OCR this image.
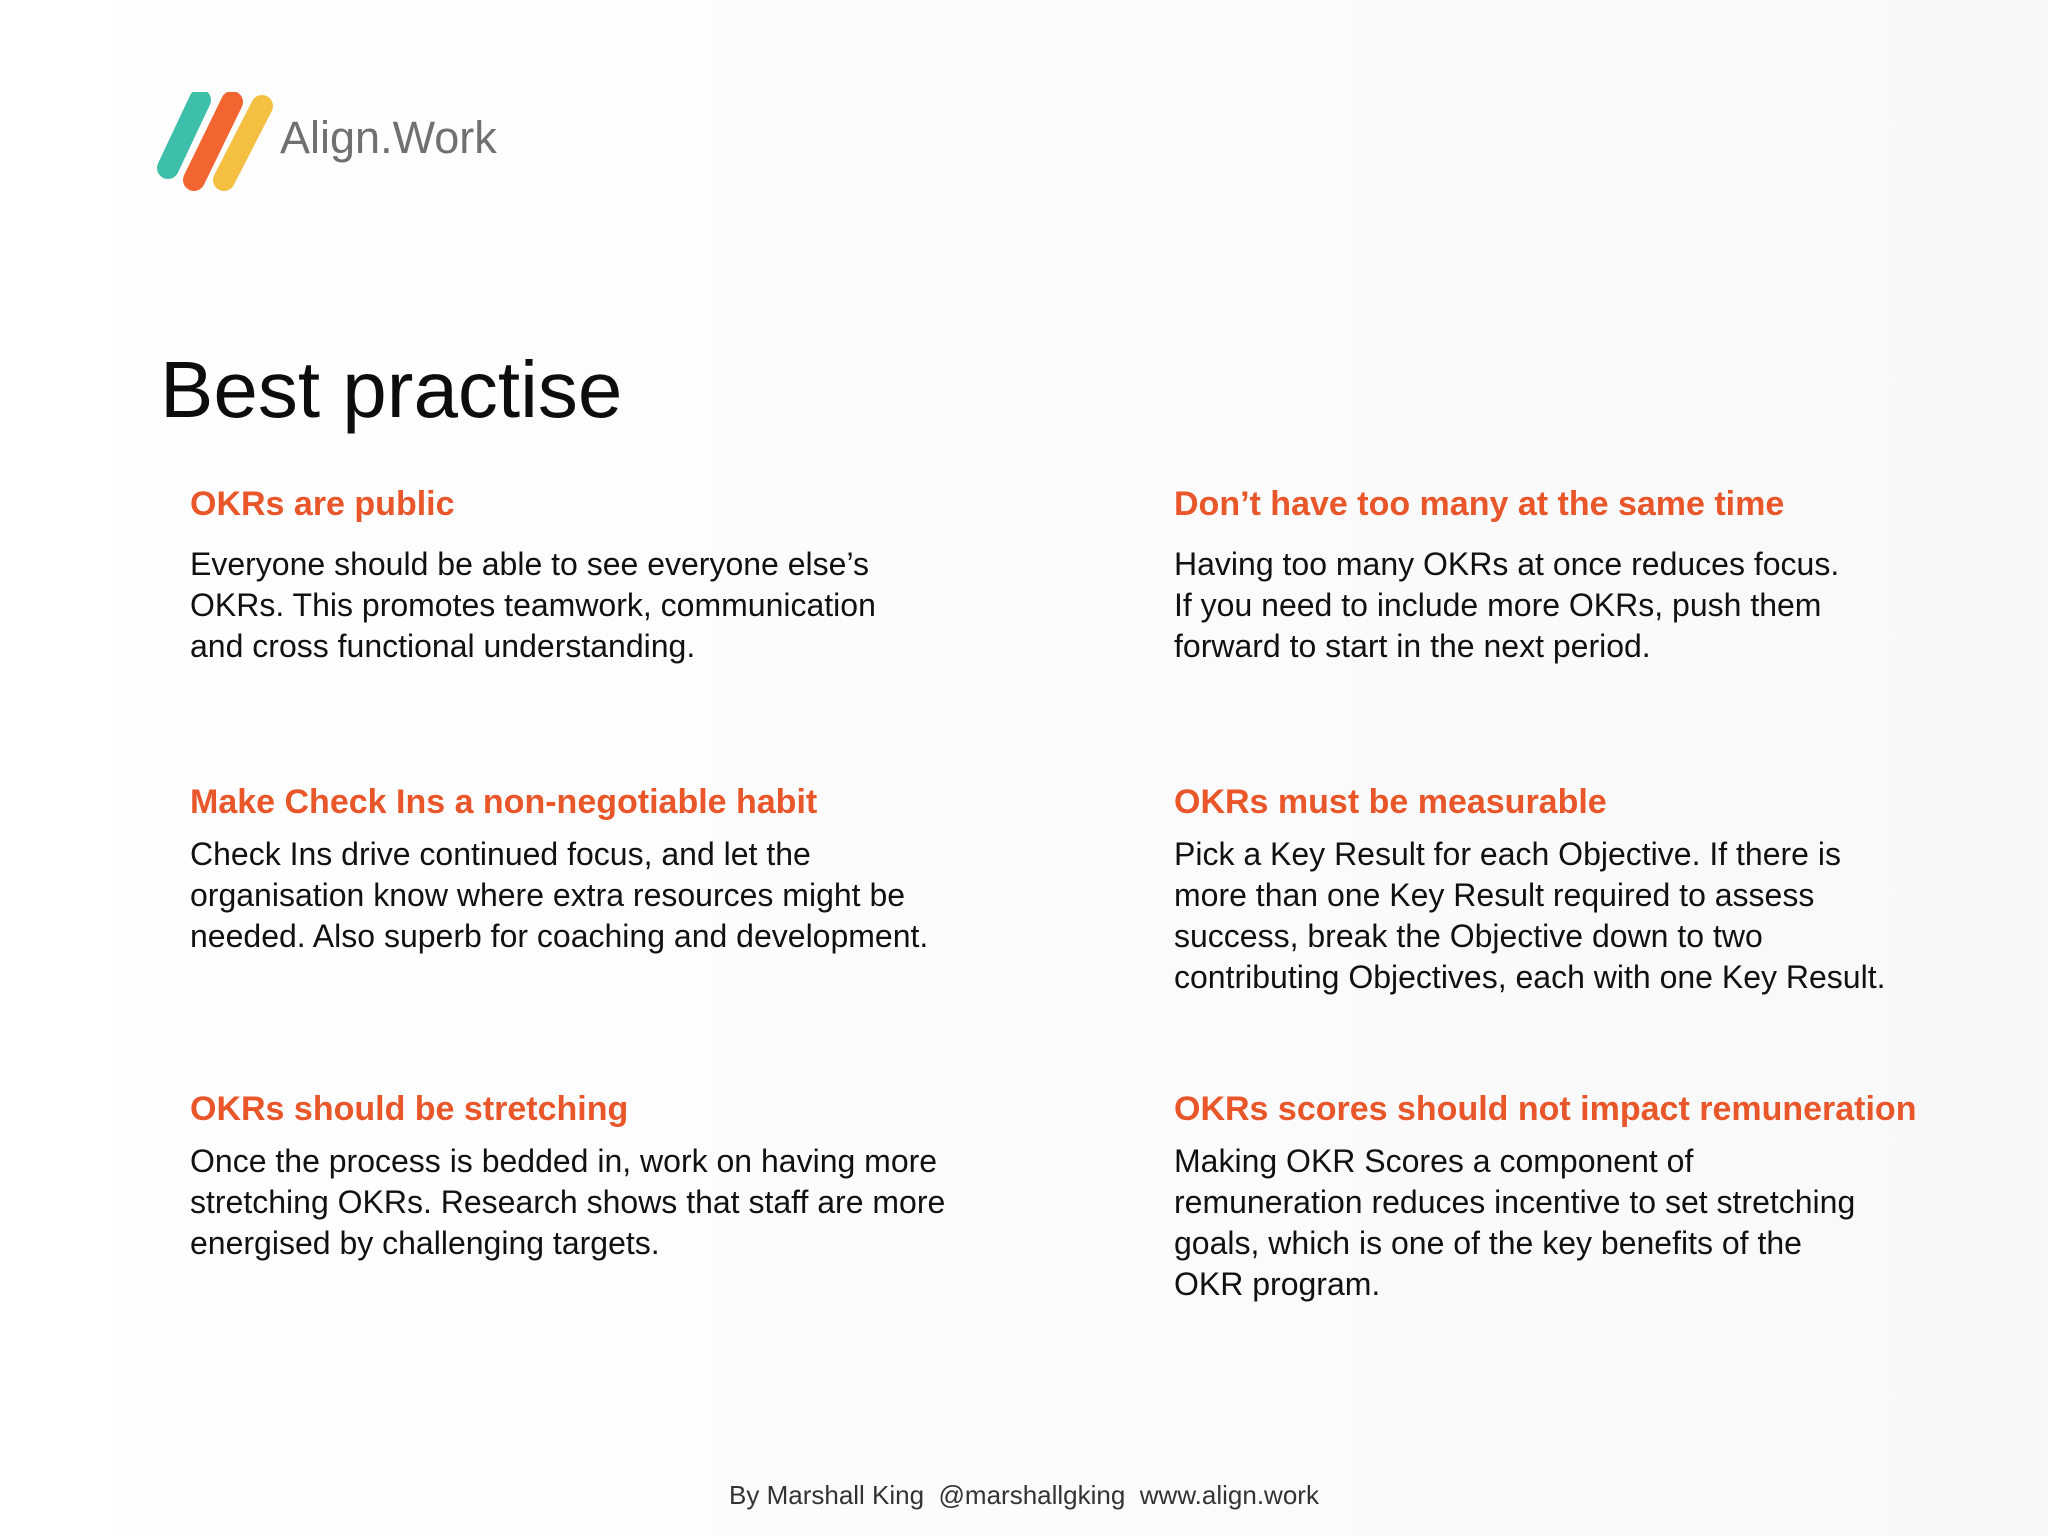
Align.Work
Best practise

OKRs are public

Everyone should be able to see everyone else’s
OKRs. This promotes teamwork, communication
and cross functional understanding.

Don’t have too many at the same time

Having too many OKRs at once reduces focus.
If you need to include more OKRs, push them
forward to start in the next period.

Make Check Ins a non-negotiable habit

Check Ins drive continued focus, and let the
organisation know where extra resources might be
needed. Also superb for coaching and development.

OKRs must be measurable

Pick a Key Result for each Objective. If there is
more than one Key Result required to assess
success, break the Objective down to two
contributing Objectives, each with one Key Result.

OKRs should be stretching

Once the process is bedded in, work on having more
stretching OKRs. Research shows that staff are more
energised by challenging targets.

OKRs scores should not impact remuneration

Making OKR Scores a component of
remuneration reduces incentive to set stretching
goals, which is one of the key benefits of the
OKR program.

By Marshall King  @marshallgking  www.align.work
